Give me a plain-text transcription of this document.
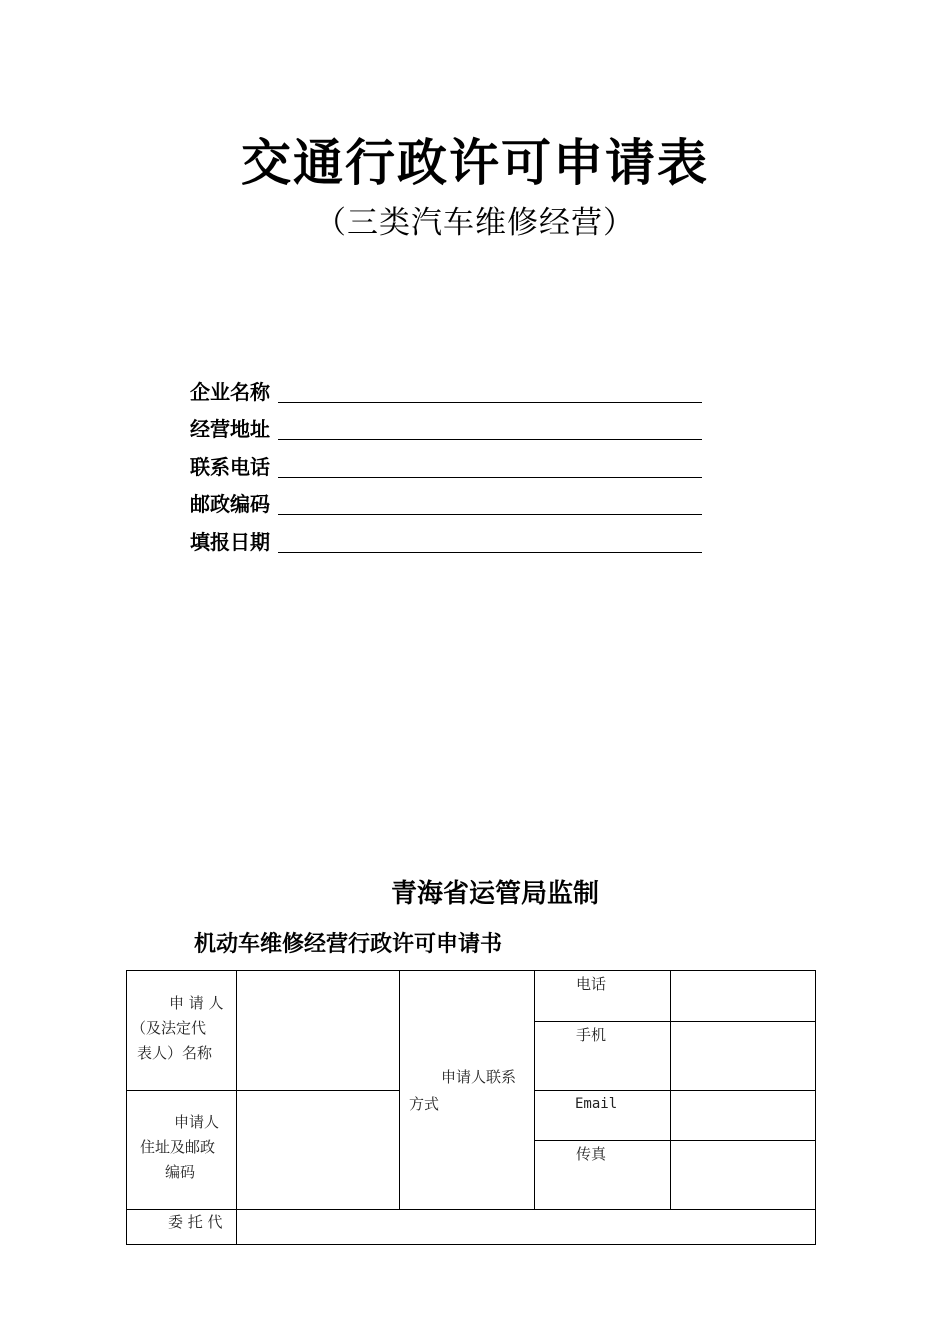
交通行政许可申请表
（三类汽车维修经营）
企业名称
经营地址
联系电话
邮政编码
填报日期
青海省运管局监制
机动车维修经营行政许可申请书
申 请 人
（及法定代
表人）名称
申请人联系
方式
电话
手机
申请人
住址及邮政
编码
Email
传真
委 托 代
